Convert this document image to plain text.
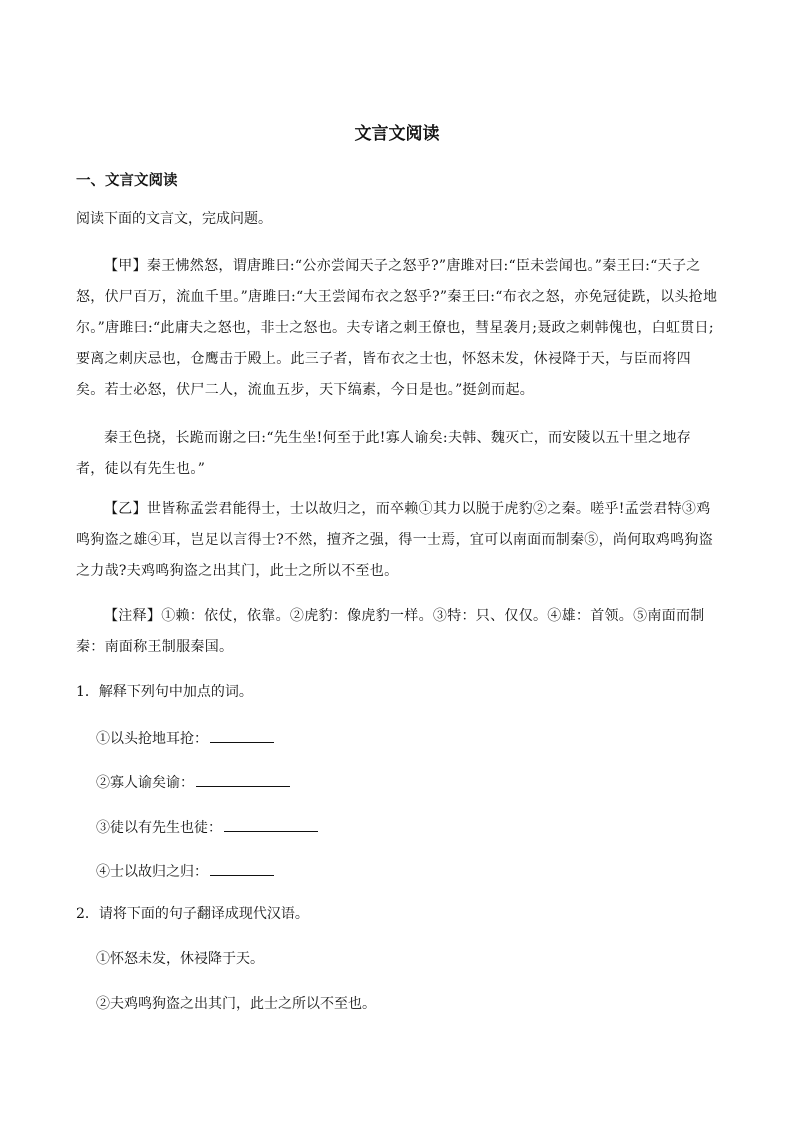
文言文阅读
一、文言文阅读

阅读下面的文言文，完成问题。

【甲】秦王怫然怒，谓唐雎曰:“公亦尝闻天子之怒乎?”唐雎对曰:“臣未尝闻也。”秦王曰:“天子之怒，伏尸百万，流血千里。”唐雎曰:“大王尝闻布衣之怒乎?”秦王曰:“布衣之怒，亦免冠徒跣，以头抢地尔。”唐雎曰:“此庸夫之怒也，非士之怒也。夫专诸之刺王僚也，彗星袭月;聂政之刺韩傀也，白虹贯日;要离之刺庆忌也，仓鹰击于殿上。此三子者，皆布衣之士也，怀怒未发，休祲降于天，与臣而将四矣。若士必怒，伏尸二人，流血五步，天下缟素，今日是也。”挺剑而起。

秦王色挠，长跪而谢之曰:“先生坐!何至于此!寡人谕矣:夫韩、魏灭亡，而安陵以五十里之地存者，徒以有先生也。”

【乙】世皆称孟尝君能得士，士以故归之，而卒赖①其力以脱于虎豹②之秦。嗟乎!孟尝君特③鸡鸣狗盗之雄④耳，岂足以言得士?不然，擅齐之强，得一士焉，宜可以南面而制秦⑤，尚何取鸡鸣狗盗之力哉?夫鸡鸣狗盗之出其门，此士之所以不至也。

【注释】①赖：依仗，依靠。②虎豹：像虎豹一样。③特：只、仅仅。④雄：首领。⑤南面而制秦：南面称王制服秦国。

1．解释下列句中加点的词。

①以头抢地耳抢：

②寡人谕矣谕：

③徒以有先生也徒：

④士以故归之归：

2．请将下面的句子翻译成现代汉语。

①怀怒未发，休祲降于天。

②夫鸡鸣狗盗之出其门，此士之所以不至也。
